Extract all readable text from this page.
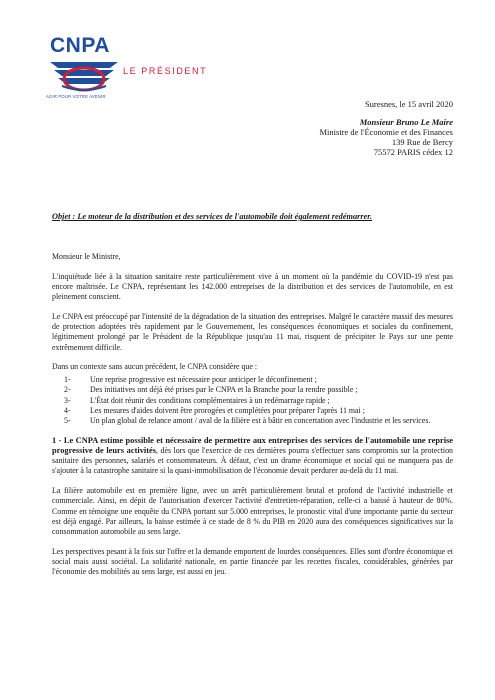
CNPA
AGIR POUR VOTRE AVENIR
LE PRÉSIDENT
Suresnes, le 15 avril 2020
Monsieur Bruno Le Maire
Ministre de l'Économie et des Finances
139 Rue de Bercy
75572 PARIS cédex 12
Objet : Le moteur de la distribution et des services de l'automobile doit également redémarrer.

Monsieur le Ministre,

L'inquiétude liée à la situation sanitaire reste particulièrement vive à un moment où la pandémie du COVID-19 n'est pas encore maîtrisée. Le CNPA, représentant les 142.000 entreprises de la distribution et des services de l'automobile, en est pleinement conscient.

Le CNPA est préoccupé par l'intensité de la dégradation de la situation des entreprises. Malgré le caractère massif des mesures de protection adoptées très rapidement par le Gouvernement, les conséquences économiques et sociales du confinement, légitimement prolongé par le Président de la République jusqu'au 11 mai, risquent de précipiter le Pays sur une pente extrêmement difficile.

Dans un contexte sans aucun précédent, le CNPA considère que :

1-	Une reprise progressive est nécessaire pour anticiper le déconfinement ;
2-	Des initiatives ont déjà été prises par le CNPA et la Branche pour la rendre possible ;
3-	L'État doit réunir des conditions complémentaires à un redémarrage rapide ;
4-	Les mesures d'aides doivent être prorogées et complétées pour préparer l'après 11 mai ;
5-	Un plan global de relance amont / aval de la filière est à bâtir en concertation avec l'industrie et les services.

1 - Le CNPA estime possible et nécessaire de permettre aux entreprises des services de l'automobile une reprise progressive de leurs activités, dès lors que l'exercice de ces dernières pourra s'effectuer sans compromis sur la protection sanitaire des personnes, salariés et consommateurs. À défaut, c'est un drame économique et social qui ne manquera pas de s'ajouter à la catastrophe sanitaire si la quasi-immobilisation de l'économie devait perdurer au-delà du 11 mai.

La filière automobile est en première ligne, avec un arrêt particulièrement brutal et profond de l'activité industrielle et commerciale. Ainsi, en dépit de l'autorisation d'exercer l'activité d'entretien-réparation, celle-ci a baissé à hauteur de 80%. Comme en témoigne une enquête du CNPA portant sur 5.000 entreprises, le pronostic vital d'une importante partie du secteur est déjà engagé. Par ailleurs, la baisse estimée à ce stade de 8 % du PIB en 2020 aura des conséquences significatives sur la consommation automobile au sens large.

Les perspectives pesant à la fois sur l'offre et la demande emportent de lourdes conséquences. Elles sont d'ordre économique et social mais aussi sociétal. La solidarité nationale, en partie financée par les recettes fiscales, considérables, générées par l'économie des mobilités au sens large, est aussi en jeu.
